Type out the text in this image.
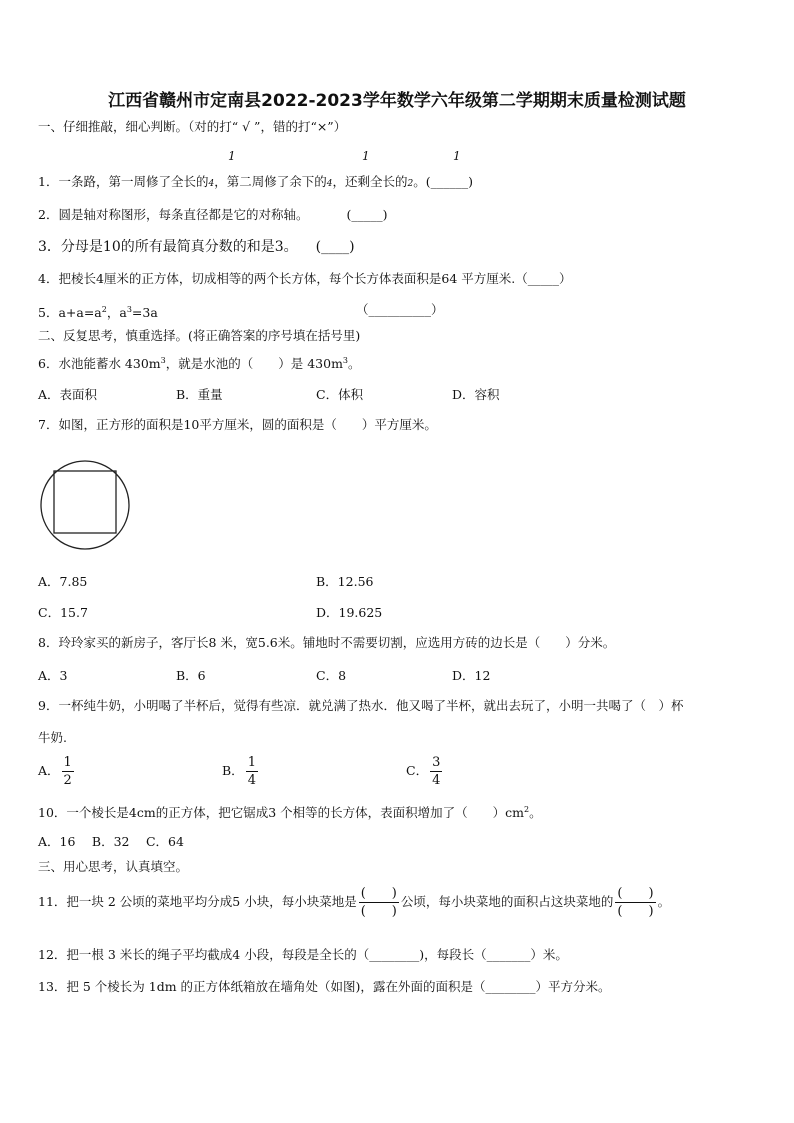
江西省赣州市定南县2022-2023学年数学六年级第二学期期末质量检测试题
一、仔细推敲，细心判断。（对的打“ √ ”，错的打“×”）
1	1	1
1．一条路，第一周修了全长的4，第二周修了余下的4，还剩全长的2。(______)
2．圆是轴对称图形，每条直径都是它的对称轴。	(_____)
3．分母是10的所有最简真分数的和是3。 (____)
4．把棱长4厘米的正方体，切成相等的两个长方体，每个长方体表面积是64 平方厘米.（_____）
5．$a+a=a^2$，$a^3=3a$	（__________）
二、反复思考，慎重选择。(将正确答案的序号填在括号里)
6．水池能蓄水 $430m^3$，就是水池的（　　）是 $430m^3$。
A．表面积	B．重量	C．体积	D．容积
7．如图，正方形的面积是10平方厘米，圆的面积是（　　）平方厘米。
A．7.85	B．12.56
C．15.7	D．19.625
8．玲玲家买的新房子，客厅长8 米，宽5.6米。铺地时不需要切割，应选用方砖的边长是（　　）分米。
A．3	B．6	C．8	D．12
9．一杯纯牛奶，小明喝了半杯后，觉得有些凉．就兑满了热水．他又喝了半杯，就出去玩了，小明一共喝了（　）杯
牛奶.
A． $\frac{1}{2}$	B． $\frac{1}{4}$	C． $\frac{3}{4}$
10．一个棱长是4cm的正方体，把它锯成3 个相等的长方体，表面积增加了（　　）$cm^2$。
A．16　 B．32　 C．64
三、用心思考，认真填空。
11．把一块 2 公顷的菜地平均分成5 小块，每小块菜地是 $\frac{( )}{( )}$ 公顷，每小块菜地的面积占这块菜地的 $\frac{( )}{( )}$ 。
12．把一根 3 米长的绳子平均截成4 小段，每段是全长的（________)，每段长（_______）米。
13．把 5 个棱长为 1dm 的正方体纸箱放在墙角处（如图)，露在外面的面积是（________）平方分米。
